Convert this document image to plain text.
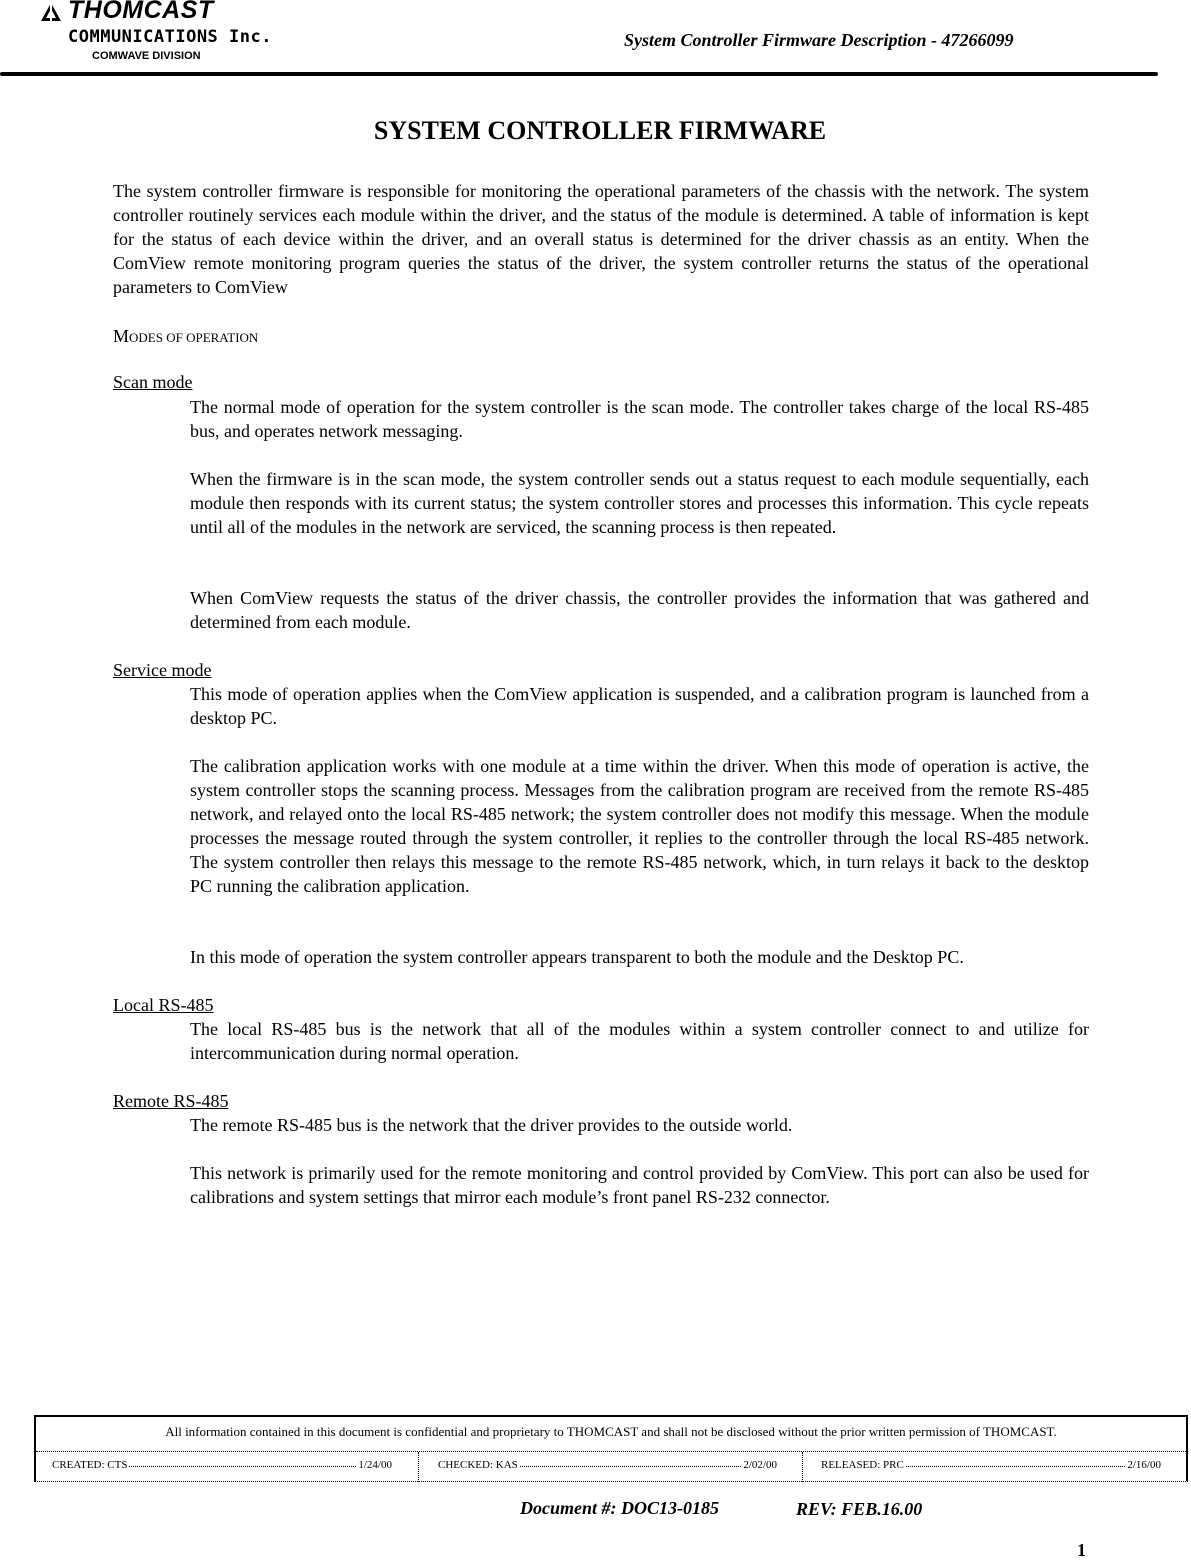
THOMCAST
COMMUNICATIONS Inc.
COMWAVE DIVISION
System Controller Firmware Description - 47266099
SYSTEM CONTROLLER FIRMWARE
The system controller firmware is responsible for monitoring the operational parameters of the chassis with the network. The system controller routinely services each module within the driver, and the status of the module is determined. A table of information is kept for the status of each device within the driver, and an overall status is determined for the driver chassis as an entity. When the ComView remote monitoring program queries the status of the driver, the system controller returns the status of the operational parameters to ComView
MODES OF OPERATION
Scan mode
The normal mode of operation for the system controller is the scan mode. The controller takes charge of the local RS-485 bus, and operates network messaging.
When the firmware is in the scan mode, the system controller sends out a status request to each module sequentially, each module then responds with its current status; the system controller stores and processes this information. This cycle repeats until all of the modules in the network are serviced, the scanning process is then repeated.
When ComView requests the status of the driver chassis, the controller provides the information that was gathered and determined from each module.
Service mode
This mode of operation applies when the ComView application is suspended, and a calibration program is launched from a desktop PC.
The calibration application works with one module at a time within the driver. When this mode of operation is active, the system controller stops the scanning process. Messages from the calibration program are received from the remote RS-485 network, and relayed onto the local RS-485 network; the system controller does not modify this message. When the module processes the message routed through the system controller, it replies to the controller through the local RS-485 network. The system controller then relays this message to the remote RS-485 network, which, in turn relays it back to the desktop PC running the calibration application.
In this mode of operation the system controller appears transparent to both the module and the Desktop PC.
Local RS-485
The local RS-485 bus is the network that all of the modules within a system controller connect to and utilize for intercommunication during normal operation.
Remote RS-485
The remote RS-485 bus is the network that the driver provides to the outside world.
This network is primarily used for the remote monitoring and control provided by ComView. This port can also be used for calibrations and system settings that mirror each module’s front panel RS-232 connector.
All information contained in this document is confidential and proprietary to THOMCAST and shall not be disclosed without the prior written permission of THOMCAST.
CREATED: CTS	1/24/00	CHECKED: KAS	2/02/00	RELEASED: PRC	2/16/00
Document #: DOC13-0185	REV: FEB.16.00
1
